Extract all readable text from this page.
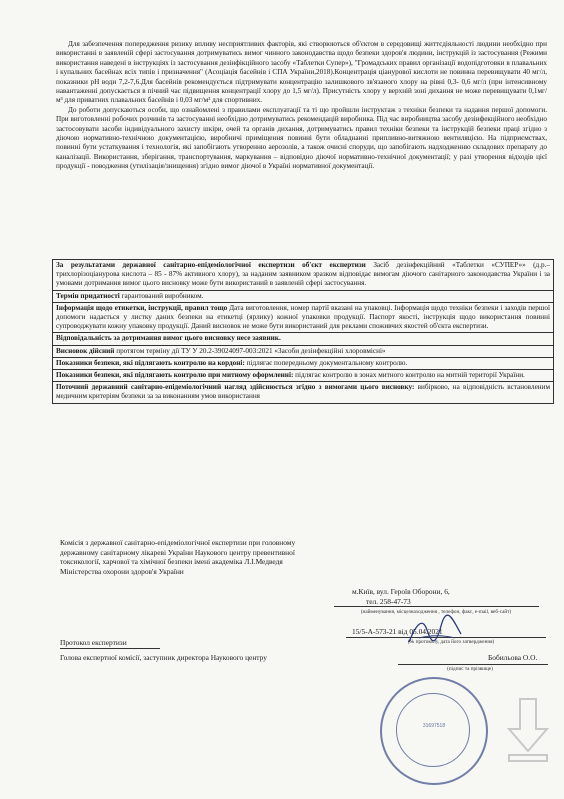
Для забезпечення попередження ризику впливу несприятливих факторів, які створюються об'єктом в середовищі життєдіяльності людини необхідно при використанні в заявленій сфері застосування дотримуватись вимог чинного законодавства щодо безпеки здоров'я людини, інструкцій із застосування (Режими використання наведені в інструкціях із застосування дезінфікційного засобу «Таблетки Супер»), "Громадських правил організації водопідготовки в плавальних і купальних басейнах всіх типів і призначення" (Асоціація басейнів і СПА України,2018).Концентрація ціанурової кислоти не повинна перевищувати 40 мг/л, показники рН води 7,2-7,6.Для басейнів рекомендується підтримувати концентрацію залишкового зв'язаного хлору на рівні 0,3- 0,6 мг/л (при інтенсивному навантаженні допускається в пічний час підвищення концентрації хлору до 1,5 мг/л). Присутність хлору у верхній зоні дихання не може перевищувати 0,1мг/м³ для приватних плавальних басейнів і 0,03 мг/м³ для спортивних.

До роботи допускаються особи, що ознайомлені з правилами експлуатації та ті що пройшли інструктаж з техніки безпеки та надання першої допомоги. При виготовленні робочих розчинів та застосуванні необхідно дотримуватись рекомендацій виробника. Під час виробництва засобу дезінфекційного необхідно застосовувати засоби індивідуального захисту шкіри, очей та органів дихання, дотримуватись правил техніки безпеки та інструкцій безпеки праці згідно з діючою нормативно-технічною документацією, виробничі приміщення повинні бути обладнанні припливно-витяжною вентиляцією. На підприємствах, повинні бути устаткування і технологія, які запобігають утворенню аерозолів, а також очисні споруди, що запобігають надходженню складових препарату до каналізації. Використання, зберігання, транспортування, маркування – відповідно діючої нормативно-технічної документації; у разі утворення відходів цієї продукції - поводження (утилізація/знищення) згідно вимог діючої в Україні нормативної документації.

За результатами державної санітарно-епідеміологічної експертизи об'єкт експертизи Засіб дезінфекційний «Таблетки «СУПЕР»» (д.р.– трихлорізоціанурова кислота – 85 - 87% активного хлору), за наданим заявником зразком відповідає вимогам діючого санітарного законодавства України і за умовами дотримання вимог цього висновку може бути використаний в заявленій сфері застосування.
Термін придатності гарантований виробником.
Інформація щодо етикетки, інструкції, правил тощо Дата виготовлення, номер партії вказані на упаковці. Інформація щодо техніки безпеки і заходів першої допомоги надається у листку даних безпеки на етикетці (ярлику) кожної упаковки продукції. Паспорт якості, інструкція щодо використання повинні супроводжувати кожну упаковку продукції. Даний висновок не може бути використаний для реклами споживчих якостей об'єкта експертизи.
Відповідальність за дотримання вимог цього висновку несе заявник.
Висновок дійсний протягом терміну дії ТУ У 20.2-39024097-003:2021 «Засоби дезінфекційні хлоровмісні»
Показники безпеки, які підлягають контролю на кордоні: підлягає попередньому документальному контролю.
Показники безпеки, які підлягають контролю при митному оформленні: підлягає контролю в зонах митного контролю на митній території України.
Поточний державний санітарно-епідеміологічний нагляд здійснюється згідно з вимогами цього висновку: вибірково, на відповідність встановленим медичним критеріям безпеки за за виконанням умов використання
Комісія з державної санітарно-епідеміологічної експертизи при головному державному санітарному лікареві України Наукового центру превентивної токсикології, харчової та хімічної безпеки імені академіка Л.І.Медведя Міністерства охорони здоров'я України
м.Київ, вул. Героїв Оборони, 6,
тел. 258-47-73
(найменування, місцезнаходження , телефон, факс, е-mail, веб-сайт)
Протокол експертизи
15/5-А-573-21 від 05.04.2021
(№ протоколу, дата його затвердження)
Голова експертної комісії, заступник директора Наукового центру	Бобильова О.О.
(підпис та прізвище)
31697518
